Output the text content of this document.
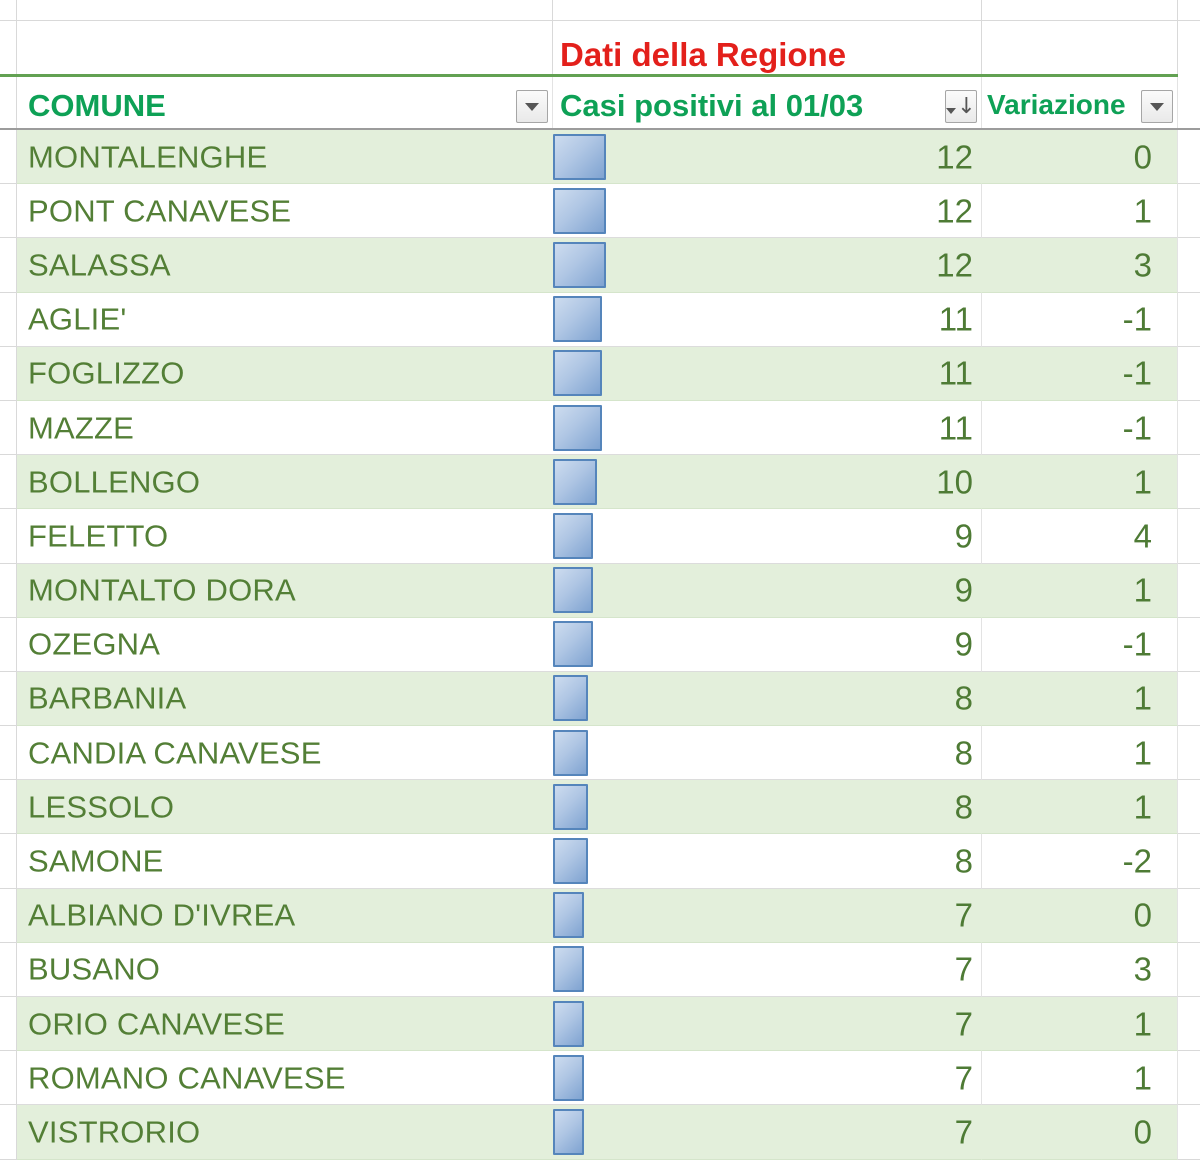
Dati della Regione
COMUNE	Casi positivi al 01/03	↓ Variazione
MONTALENGHE	12	0
PONT CANAVESE	12	1
SALASSA	12	3
AGLIE'	11	-1
FOGLIZZO	11	-1
MAZZE	11	-1
BOLLENGO	10	1
FELETTO	9	4
MONTALTO DORA	9	1
OZEGNA	9	-1
BARBANIA	8	1
CANDIA CANAVESE	8	1
LESSOLO	8	1
SAMONE	8	-2
ALBIANO D'IVREA	7	0
BUSANO	7	3
ORIO CANAVESE	7	1
ROMANO CANAVESE	7	1
VISTRORIO	7	0
